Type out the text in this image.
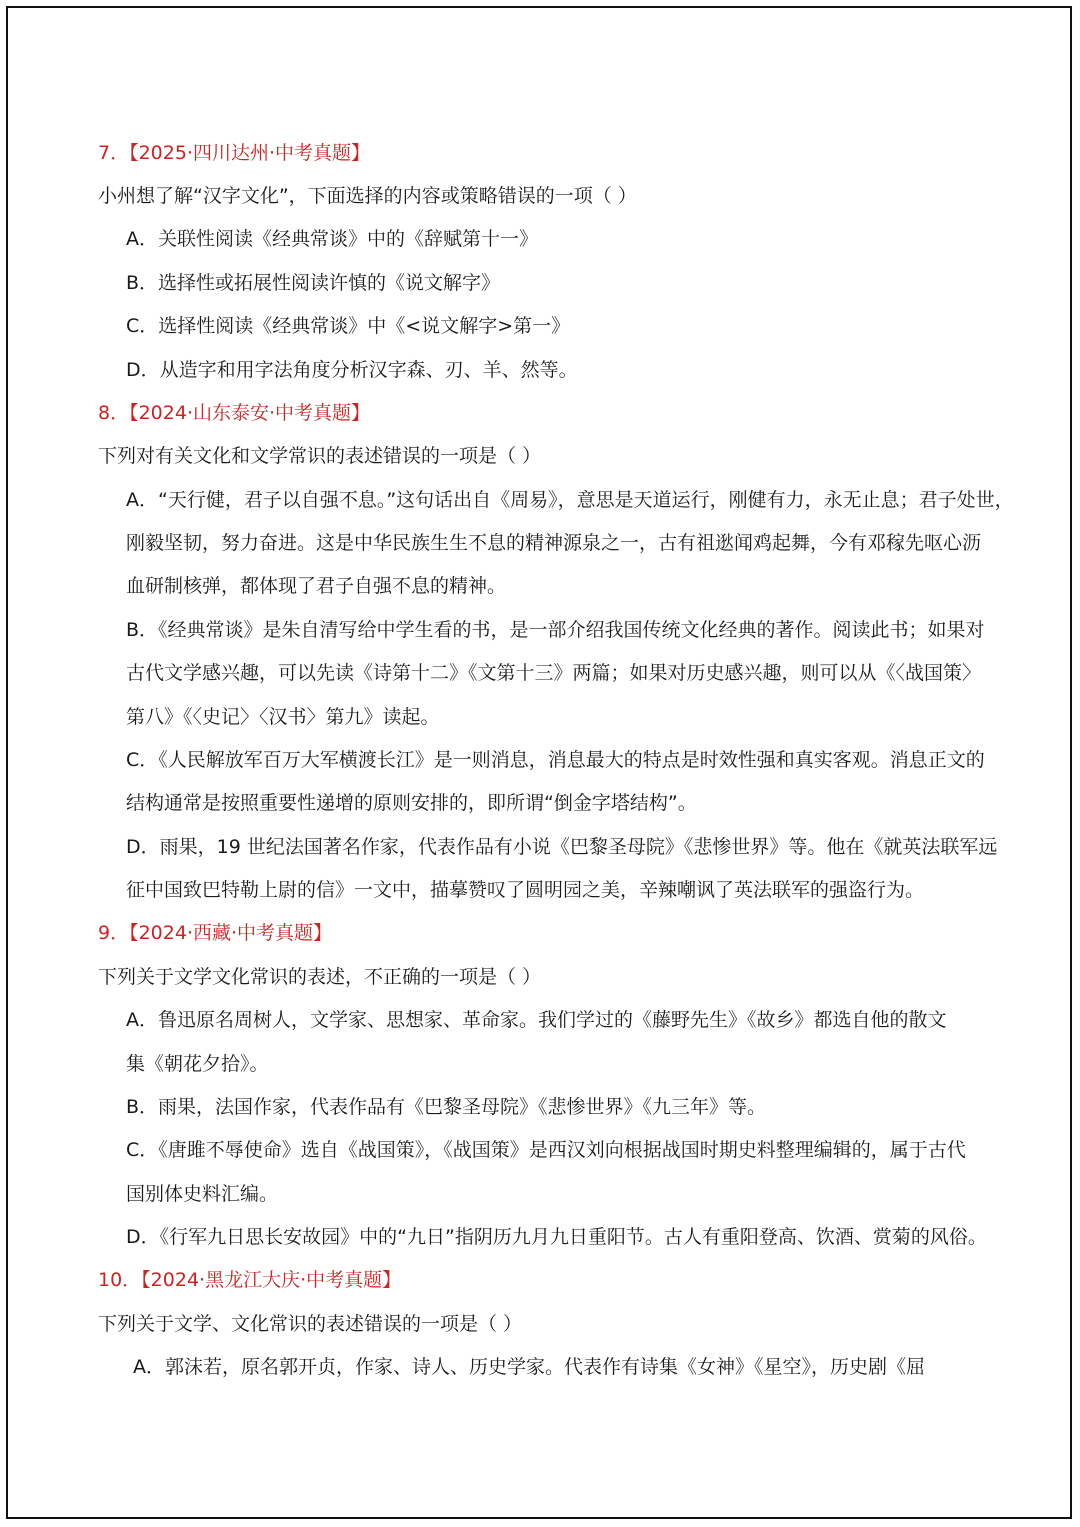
7．【2025·四川达州·中考真题】
小州想了解“汉字文化”，下面选择的内容或策略错误的一项（ ）
A．关联性阅读《经典常谈》中的《辞赋第十一》
B．选择性或拓展性阅读许慎的《说文解字》
C．选择性阅读《经典常谈》中《<说文解字>第一》
D．从造字和用字法角度分析汉字森、刃、羊、然等。
8．【2024·山东泰安·中考真题】
下列对有关文化和文学常识的表述错误的一项是（ ）
A．“天行健，君子以自强不息。”这句话出自《周易》，意思是天道运行，刚健有力，永无止息；君子处世，
刚毅坚韧，努力奋进。这是中华民族生生不息的精神源泉之一，古有祖逖闻鸡起舞，今有邓稼先呕心沥
血研制核弹，都体现了君子自强不息的精神。
B．《经典常谈》是朱自清写给中学生看的书，是一部介绍我国传统文化经典的著作。阅读此书；如果对
古代文学感兴趣，可以先读《诗第十二》《文第十三》两篇；如果对历史感兴趣，则可以从《〈战国策〉
第八》《〈史记〉〈汉书〉第九》读起。
C．《人民解放军百万大军横渡长江》是一则消息，消息最大的特点是时效性强和真实客观。消息正文的
结构通常是按照重要性递增的原则安排的，即所谓“倒金字塔结构”。
D．雨果，19 世纪法国著名作家，代表作品有小说《巴黎圣母院》《悲惨世界》等。他在《就英法联军远
征中国致巴特勒上尉的信》一文中，描摹赞叹了圆明园之美，辛辣嘲讽了英法联军的强盗行为。
9．【2024·西藏·中考真题】
下列关于文学文化常识的表述，不正确的一项是（ ）
A．鲁迅原名周树人，文学家、思想家、革命家。我们学过的《藤野先生》《故乡》都选自他的散文
集《朝花夕拾》。
B．雨果，法国作家，代表作品有《巴黎圣母院》《悲惨世界》《九三年》等。
C．《唐雎不辱使命》选自《战国策》，《战国策》是西汉刘向根据战国时期史料整理编辑的，属于古代
国别体史料汇编。
D．《行军九日思长安故园》中的“九日”指阴历九月九日重阳节。古人有重阳登高、饮酒、赏菊的风俗。
10．【2024·黑龙江大庆·中考真题】
下列关于文学、文化常识的表述错误的一项是（ ）
A．郭沫若，原名郭开贞，作家、诗人、历史学家。代表作有诗集《女神》《星空》，历史剧《屈
